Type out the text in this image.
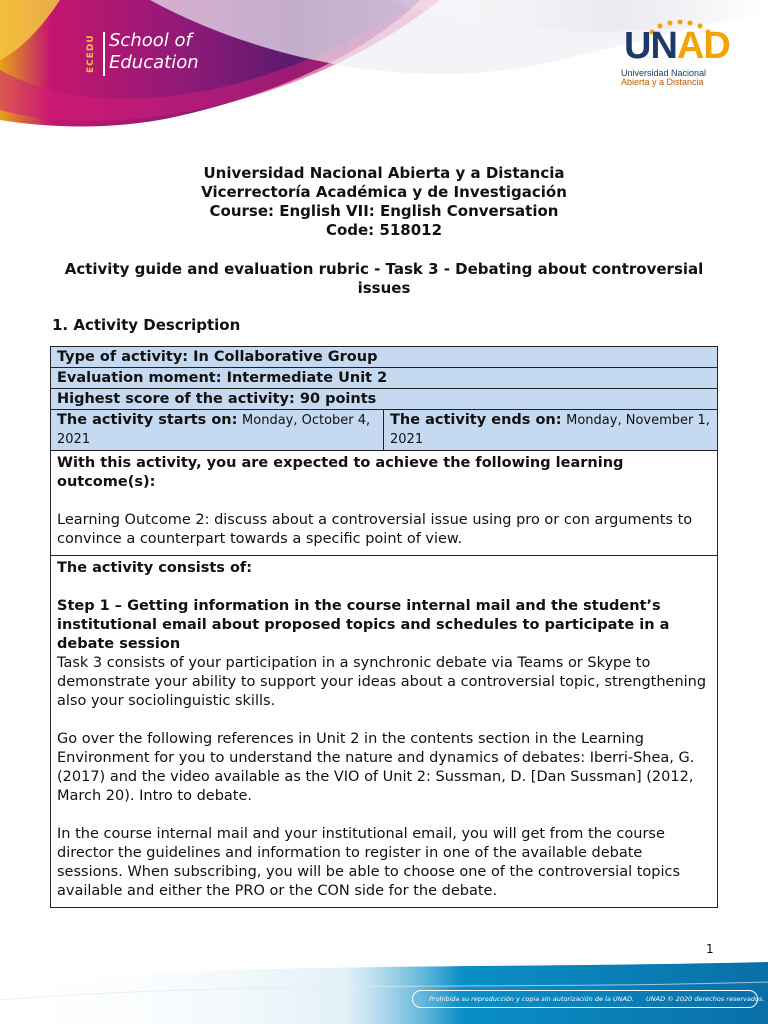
ECEDU School of
Education	UNAD
Universidad Nacional
Abierta y a Distancia
Universidad Nacional Abierta y a Distancia
Vicerrectoría Académica y de Investigación
Course: English VII: English Conversation
Code: 518012
Activity guide and evaluation rubric - Task 3 - Debating about controversial issues
1. Activity Description
Type of activity: In Collaborative Group
Evaluation moment: Intermediate Unit 2
Highest score of the activity: 90 points
The activity starts on: Monday, October 4, 2021
The activity ends on: Monday, November 1, 2021

With this activity, you are expected to achieve the following learning outcome(s):

Learning Outcome 2: discuss about a controversial issue using pro or con arguments to convince a counterpart towards a specific point of view.

The activity consists of:

Step 1 – Getting information in the course internal mail and the student’s institutional email about proposed topics and schedules to participate in a debate session

Task 3 consists of your participation in a synchronic debate via Teams or Skype to demonstrate your ability to support your ideas about a controversial topic, strengthening also your sociolinguistic skills.

Go over the following references in Unit 2 in the contents section in the Learning Environment for you to understand the nature and dynamics of debates: Iberri-Shea, G. (2017) and the video available as the VIO of Unit 2: Sussman, D. [Dan Sussman] (2012, March 20). Intro to debate.

In the course internal mail and your institutional email, you will get from the course director the guidelines and information to register in one of the available debate sessions. When subscribing, you will be able to choose one of the controversial topics available and either the PRO or the CON side for the debate.

1
Prohibida su reproducción y copia sin autorización de la UNAD. UNAD © 2020 derechos reservados.
